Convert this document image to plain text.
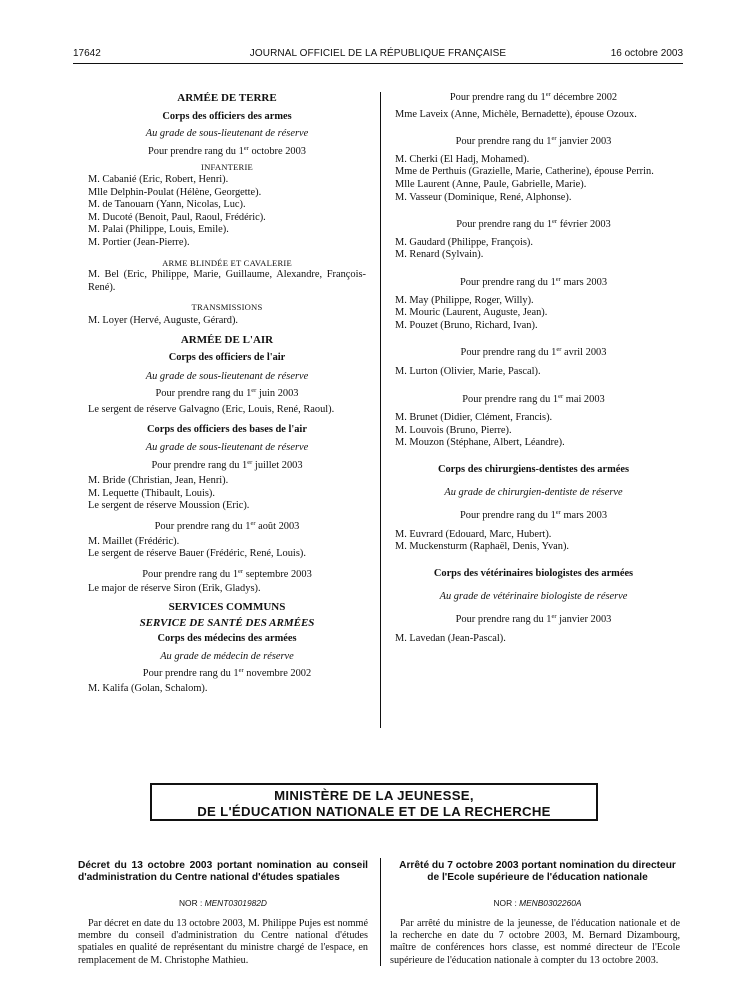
17642	JOURNAL OFFICIEL DE LA RÉPUBLIQUE FRANÇAISE	16 octobre 2003
ARMÉE DE TERRE
Corps des officiers des armes
Au grade de sous-lieutenant de réserve
Pour prendre rang du 1er octobre 2003
INFANTERIE
M. Cabanié (Eric, Robert, Henri).
Mlle Delphin-Poulat (Hélène, Georgette).
M. de Tanouarn (Yann, Nicolas, Luc).
M. Ducoté (Benoit, Paul, Raoul, Frédéric).
M. Palai (Philippe, Louis, Emile).
M. Portier (Jean-Pierre).
ARME BLINDÉE ET CAVALERIE
M. Bel (Eric, Philippe, Marie, Guillaume, Alexandre, François-René).
TRANSMISSIONS
M. Loyer (Hervé, Auguste, Gérard).
ARMÉE DE L'AIR
Corps des officiers de l'air
Au grade de sous-lieutenant de réserve
Pour prendre rang du 1er juin 2003
Le sergent de réserve Galvagno (Eric, Louis, René, Raoul).
Corps des officiers des bases de l'air
Au grade de sous-lieutenant de réserve
Pour prendre rang du 1er juillet 2003
M. Bride (Christian, Jean, Henri).
M. Lequette (Thibault, Louis).
Le sergent de réserve Moussion (Eric).
Pour prendre rang du 1er août 2003
M. Maillet (Frédéric).
Le sergent de réserve Bauer (Frédéric, René, Louis).
Pour prendre rang du 1er septembre 2003
Le major de réserve Siron (Erik, Gladys).
SERVICES COMMUNS
SERVICE DE SANTÉ DES ARMÉES
Corps des médecins des armées
Au grade de médecin de réserve
Pour prendre rang du 1er novembre 2002
M. Kalifa (Golan, Schalom).
Pour prendre rang du 1er décembre 2002
Mme Laveix (Anne, Michèle, Bernadette), épouse Ozoux.
Pour prendre rang du 1er janvier 2003
M. Cherki (El Hadj, Mohamed).
Mme de Perthuis (Grazielle, Marie, Catherine), épouse Perrin.
Mlle Laurent (Anne, Paule, Gabrielle, Marie).
M. Vasseur (Dominique, René, Alphonse).
Pour prendre rang du 1er février 2003
M. Gaudard (Philippe, François).
M. Renard (Sylvain).
Pour prendre rang du 1er mars 2003
M. May (Philippe, Roger, Willy).
M. Mouric (Laurent, Auguste, Jean).
M. Pouzet (Bruno, Richard, Ivan).
Pour prendre rang du 1er avril 2003
M. Lurton (Olivier, Marie, Pascal).
Pour prendre rang du 1er mai 2003
M. Brunet (Didier, Clément, Francis).
M. Louvois (Bruno, Pierre).
M. Mouzon (Stéphane, Albert, Léandre).
Corps des chirurgiens-dentistes des armées
Au grade de chirurgien-dentiste de réserve
Pour prendre rang du 1er mars 2003
M. Euvrard (Edouard, Marc, Hubert).
M. Muckensturm (Raphaël, Denis, Yvan).
Corps des vétérinaires biologistes des armées
Au grade de vétérinaire biologiste de réserve
Pour prendre rang du 1er janvier 2003
M. Lavedan (Jean-Pascal).
MINISTÈRE DE LA JEUNESSE,
DE L'ÉDUCATION NATIONALE ET DE LA RECHERCHE
Décret du 13 octobre 2003 portant nomination au conseil d'administration du Centre national d'études spatiales
NOR : MENT0301982D
Par décret en date du 13 octobre 2003, M. Philippe Pujes est nommé membre du conseil d'administration du Centre national d'études spatiales en qualité de représentant du ministre chargé de l'espace, en remplacement de M. Christophe Mathieu.
Arrêté du 7 octobre 2003 portant nomination du directeur de l'Ecole supérieure de l'éducation nationale
NOR : MENB0302260A
Par arrêté du ministre de la jeunesse, de l'éducation nationale et de la recherche en date du 7 octobre 2003, M. Bernard Dizambourg, maître de conférences hors classe, est nommé directeur de l'Ecole supérieure de l'éducation nationale à compter du 13 octobre 2003.
